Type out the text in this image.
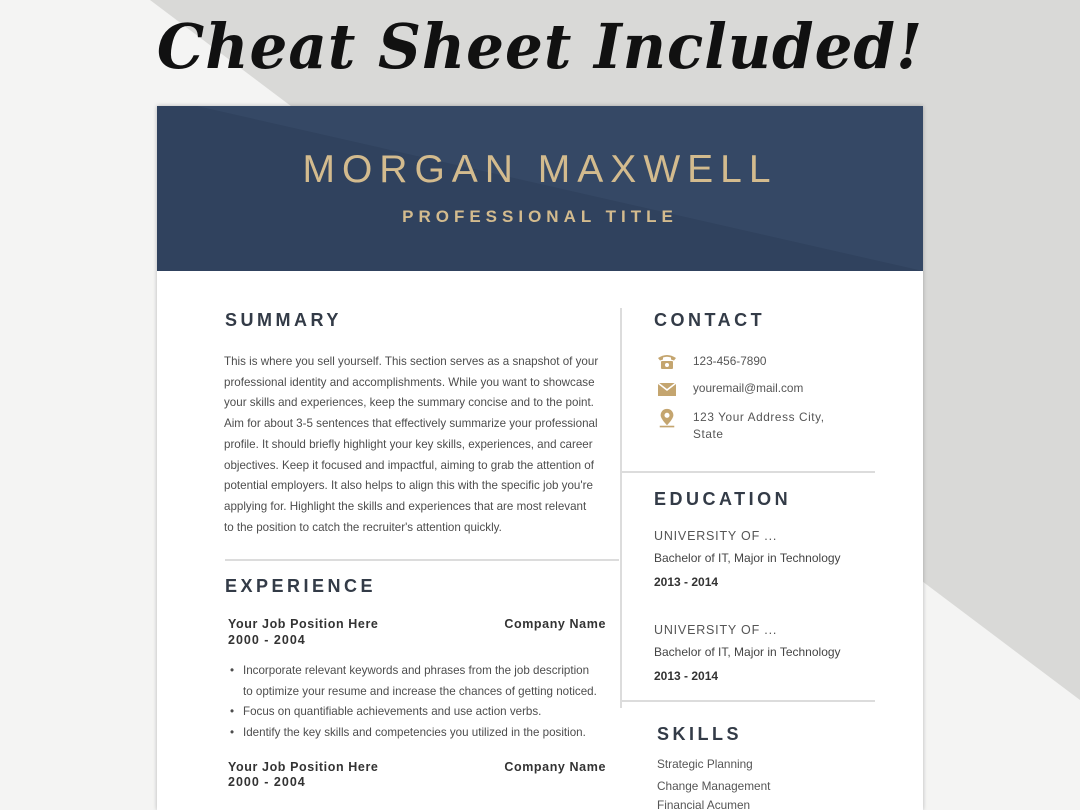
Cheat Sheet Included!
MORGAN MAXWELL
PROFESSIONAL TITLE
SUMMARY
This is where you sell yourself. This section serves as a snapshot of your
professional identity and accomplishments. While you want to showcase
your skills and experiences, keep the summary concise and to the point.
Aim for about 3-5 sentences that effectively summarize your professional
profile. It should briefly highlight your key skills, experiences, and career
objectives. Keep it focused and impactful, aiming to grab the attention of
potential employers. It also helps to align this with the specific job you're
applying for. Highlight the skills and experiences that are most relevant
to the position to catch the recruiter's attention quickly.
EXPERIENCE
Your Job Position Here	Company Name
2000 - 2004
• Incorporate relevant keywords and phrases from the job description
to optimize your resume and increase the chances of getting noticed.
• Focus on quantifiable achievements and use action verbs.
• Identify the key skills and competencies you utilized in the position.
Your Job Position Here	Company Name
2000 - 2004
CONTACT
123-456-7890
youremail@mail.com
123 Your Address City,
State
EDUCATION
UNIVERSITY OF ...
Bachelor of IT, Major in Technology
2013 - 2014
UNIVERSITY OF ...
Bachelor of IT, Major in Technology
2013 - 2014
SKILLS
Strategic Planning
Change Management
Financial Acumen
